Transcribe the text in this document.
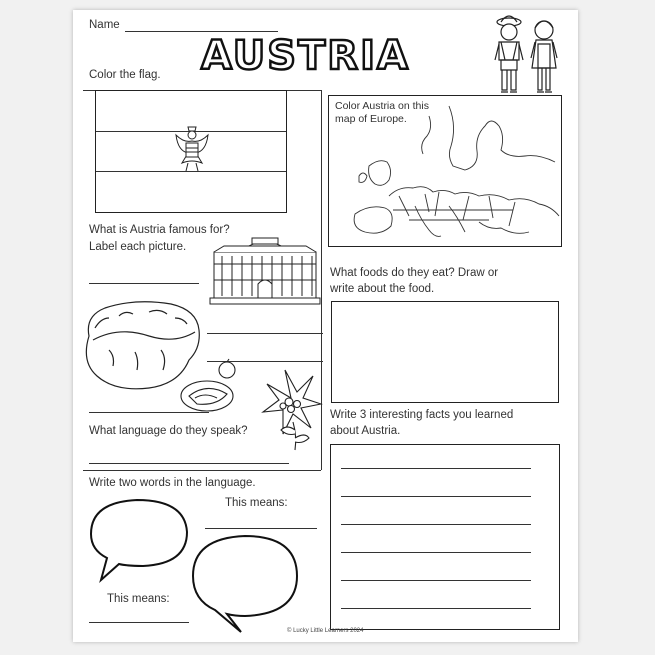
Name
AUSTRIA
Color the flag.
Color Austria on this map of Europe.
What is Austria famous for?
Label each picture.
What foods do they eat? Draw or
write about the food.
Write 3 interesting facts you learned
about Austria.
What language do they speak?
Write two words in the language.
This means:
This means:
© Lucky Little Learners 2024
